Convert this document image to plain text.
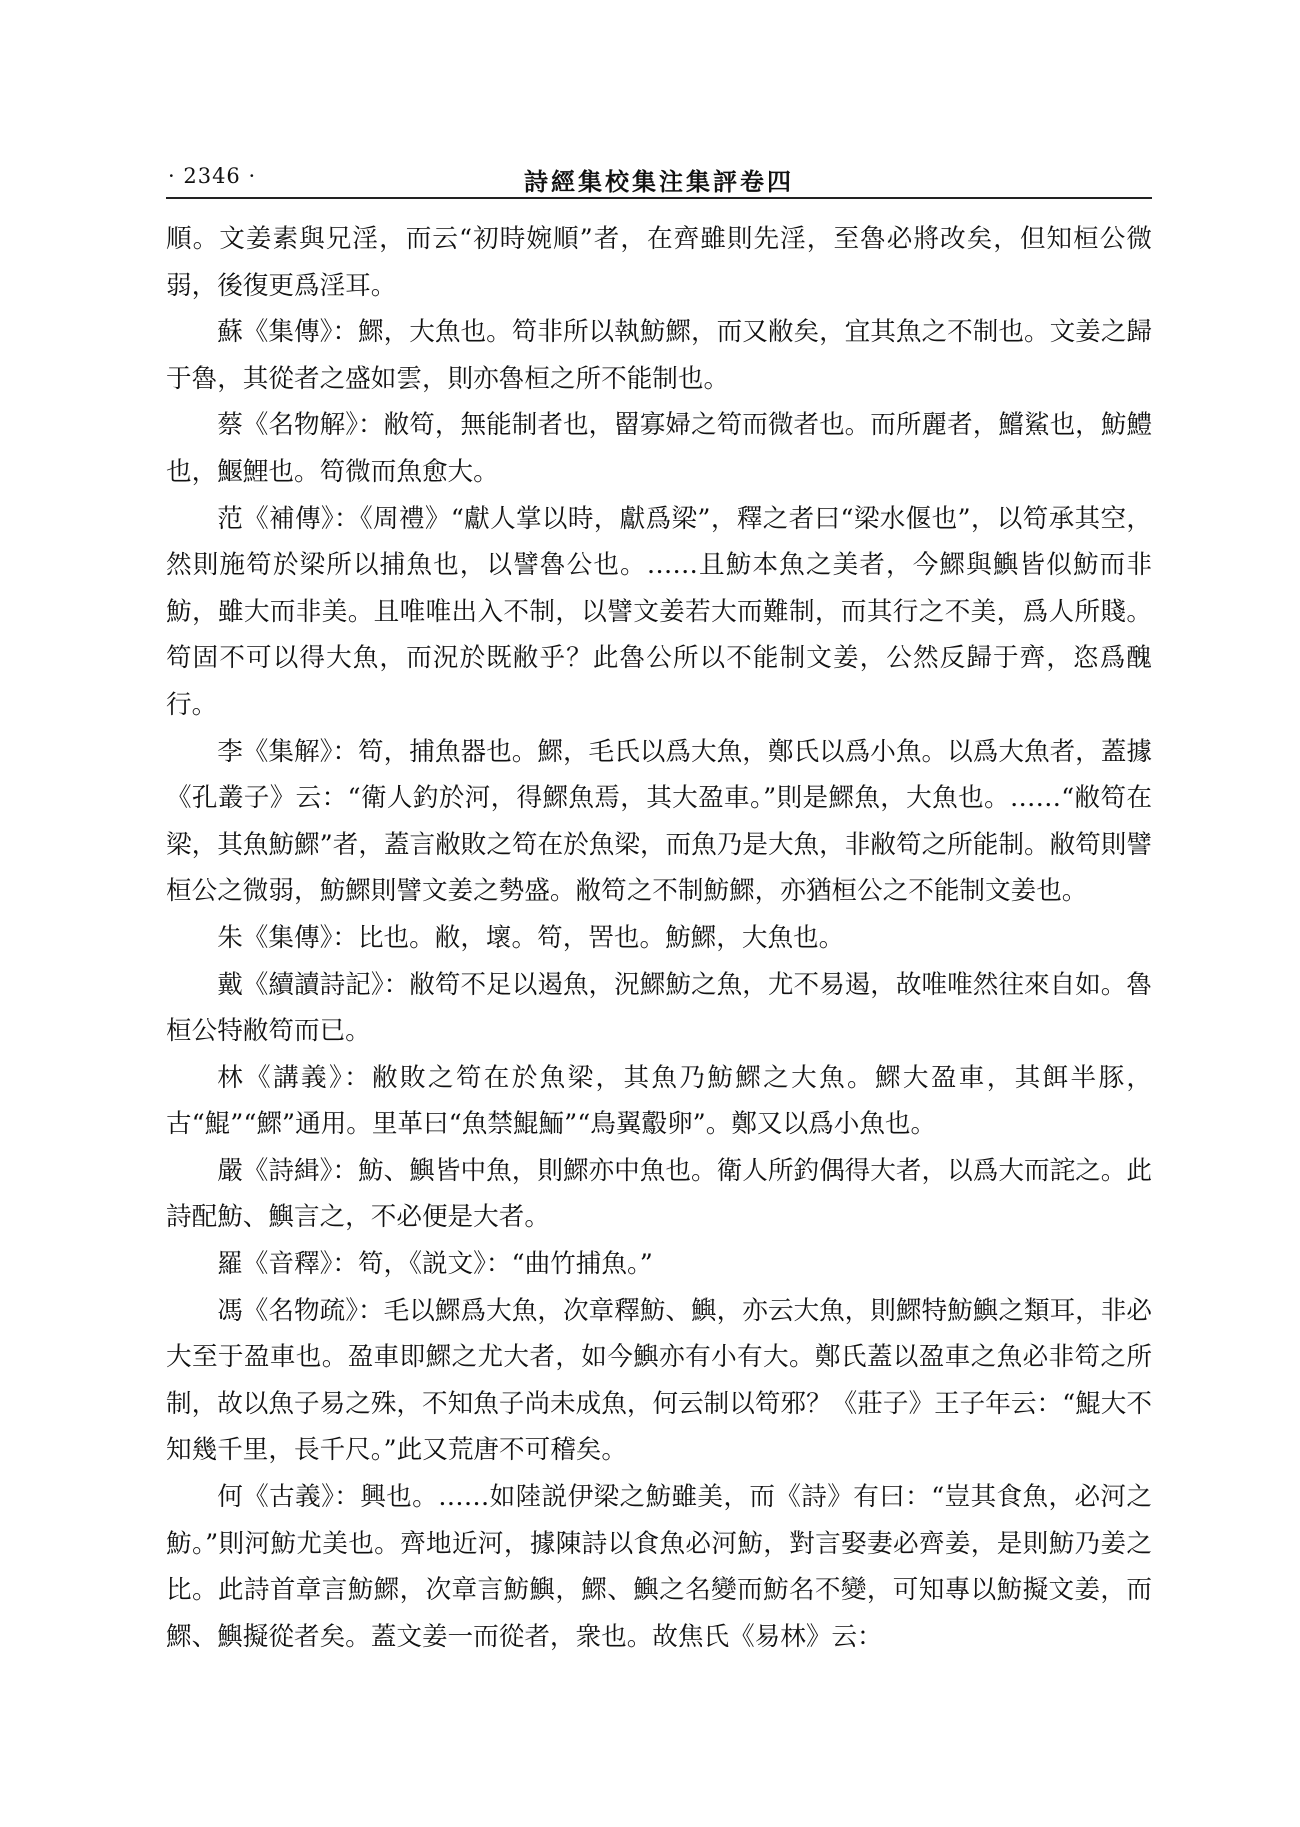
· 2346 ·	詩經集校集注集評卷四

順。文姜素與兄淫，而云“初時婉順”者，在齊雖則先淫，至魯必將改矣，但知桓公微弱，後復更爲淫耳。

蘇《集傳》：鰥，大魚也。笱非所以執魴鰥，而又敝矣，宜其魚之不制也。文姜之歸于魯，其從者之盛如雲，則亦魯桓之所不能制也。

蔡《名物解》：敝笱，無能制者也，罶寡婦之笱而微者也。而所麗者，鱨鯊也，魴鱧也，鰋鯉也。笱微而魚愈大。

范《補傳》：《周禮》“獻人掌以時，獻爲梁”，釋之者曰“梁水偃也”，以笱承其空，然則施笱於梁所以捕魚也，以譬魯公也。……且魴本魚之美者，今鰥與鱮皆似魴而非魴，雖大而非美。且唯唯出入不制，以譬文姜若大而難制，而其行之不美，爲人所賤。笱固不可以得大魚，而況於既敝乎？此魯公所以不能制文姜，公然反歸于齊，恣爲醜行。

李《集解》：笱，捕魚器也。鰥，毛氏以爲大魚，鄭氏以爲小魚。以爲大魚者，蓋據《孔叢子》云：“衛人釣於河，得鰥魚焉，其大盈車。”則是鰥魚，大魚也。……“敝笱在梁，其魚魴鰥”者，蓋言敝敗之笱在於魚梁，而魚乃是大魚，非敝笱之所能制。敝笱則譬桓公之微弱，魴鰥則譬文姜之勢盛。敝笱之不制魴鰥，亦猶桓公之不能制文姜也。

朱《集傳》：比也。敝，壞。笱，罟也。魴鰥，大魚也。

戴《續讀詩記》：敝笱不足以遏魚，況鰥魴之魚，尤不易遏，故唯唯然往來自如。魯桓公特敝笱而已。

林《講義》：敝敗之笱在於魚梁，其魚乃魴鰥之大魚。鰥大盈車，其餌半豚，古“鯤”“鰥”通用。里革曰“魚禁鯤鮞”“鳥翼鷇卵”。鄭又以爲小魚也。

嚴《詩緝》：魴、鱮皆中魚，則鰥亦中魚也。衛人所釣偶得大者，以爲大而詫之。此詩配魴、鱮言之，不必便是大者。

羅《音釋》：笱，《説文》：“曲竹捕魚。”

馮《名物疏》：毛以鰥爲大魚，次章釋魴、鱮，亦云大魚，則鰥特魴鱮之類耳，非必大至于盈車也。盈車即鰥之尤大者，如今鱮亦有小有大。鄭氏蓋以盈車之魚必非笱之所制，故以魚子易之殊，不知魚子尚未成魚，何云制以笱邪？《莊子》王子年云：“鯤大不知幾千里，長千尺。”此又荒唐不可稽矣。

何《古義》：興也。……如陸説伊梁之魴雖美，而《詩》有曰：“豈其食魚，必河之魴。”則河魴尤美也。齊地近河，據陳詩以食魚必河魴，對言娶妻必齊姜，是則魴乃姜之比。此詩首章言魴鰥，次章言魴鱮，鰥、鱮之名變而魴名不變，可知專以魴擬文姜，而鰥、鱮擬從者矣。蓋文姜一而從者，衆也。故焦氏《易林》云：
